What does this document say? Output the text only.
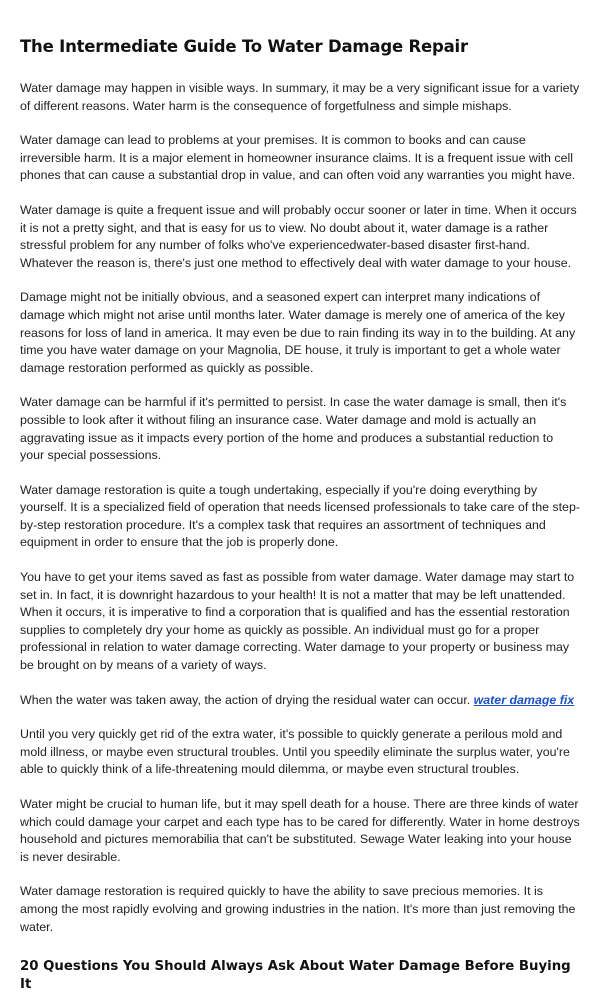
The Intermediate Guide To Water Damage Repair

Water damage may happen in visible ways. In summary, it may be a very significant issue for a variety of different reasons. Water harm is the consequence of forgetfulness and simple mishaps.

Water damage can lead to problems at your premises. It is common to books and can cause irreversible harm. It is a major element in homeowner insurance claims. It is a frequent issue with cell phones that can cause a substantial drop in value, and can often void any warranties you might have.

Water damage is quite a frequent issue and will probably occur sooner or later in time. When it occurs it is not a pretty sight, and that is easy for us to view. No doubt about it, water damage is a rather stressful problem for any number of folks who've experiencedwater-based disaster first-hand. Whatever the reason is, there's just one method to effectively deal with water damage to your house.

Damage might not be initially obvious, and a seasoned expert can interpret many indications of damage which might not arise until months later. Water damage is merely one of america of the key reasons for loss of land in america. It may even be due to rain finding its way in to the building. At any time you have water damage on your Magnolia, DE house, it truly is important to get a whole water damage restoration performed as quickly as possible.

Water damage can be harmful if it's permitted to persist. In case the water damage is small, then it's possible to look after it without filing an insurance case. Water damage and mold is actually an aggravating issue as it impacts every portion of the home and produces a substantial reduction to your special possessions.

Water damage restoration is quite a tough undertaking, especially if you're doing everything by yourself. It is a specialized field of operation that needs licensed professionals to take care of the step-by-step restoration procedure. It's a complex task that requires an assortment of techniques and equipment in order to ensure that the job is properly done.

You have to get your items saved as fast as possible from water damage. Water damage may start to set in. In fact, it is downright hazardous to your health! It is not a matter that may be left unattended. When it occurs, it is imperative to find a corporation that is qualified and has the essential restoration supplies to completely dry your home as quickly as possible. An individual must go for a proper professional in relation to water damage correcting. Water damage to your property or business may be brought on by means of a variety of ways.

When the water was taken away, the action of drying the residual water can occur. water damage fix

Until you very quickly get rid of the extra water, it's possible to quickly generate a perilous mold and mold illness, or maybe even structural troubles. Until you speedily eliminate the surplus water, you're able to quickly think of a life-threatening mould dilemma, or maybe even structural troubles.

Water might be crucial to human life, but it may spell death for a house. There are three kinds of water which could damage your carpet and each type has to be cared for differently. Water in home destroys household and pictures memorabilia that can't be substituted. Sewage Water leaking into your house is never desirable.

Water damage restoration is required quickly to have the ability to save precious memories. It is among the most rapidly evolving and growing industries in the nation. It's more than just removing the water.

20 Questions You Should Always Ask About Water Damage Before Buying It
